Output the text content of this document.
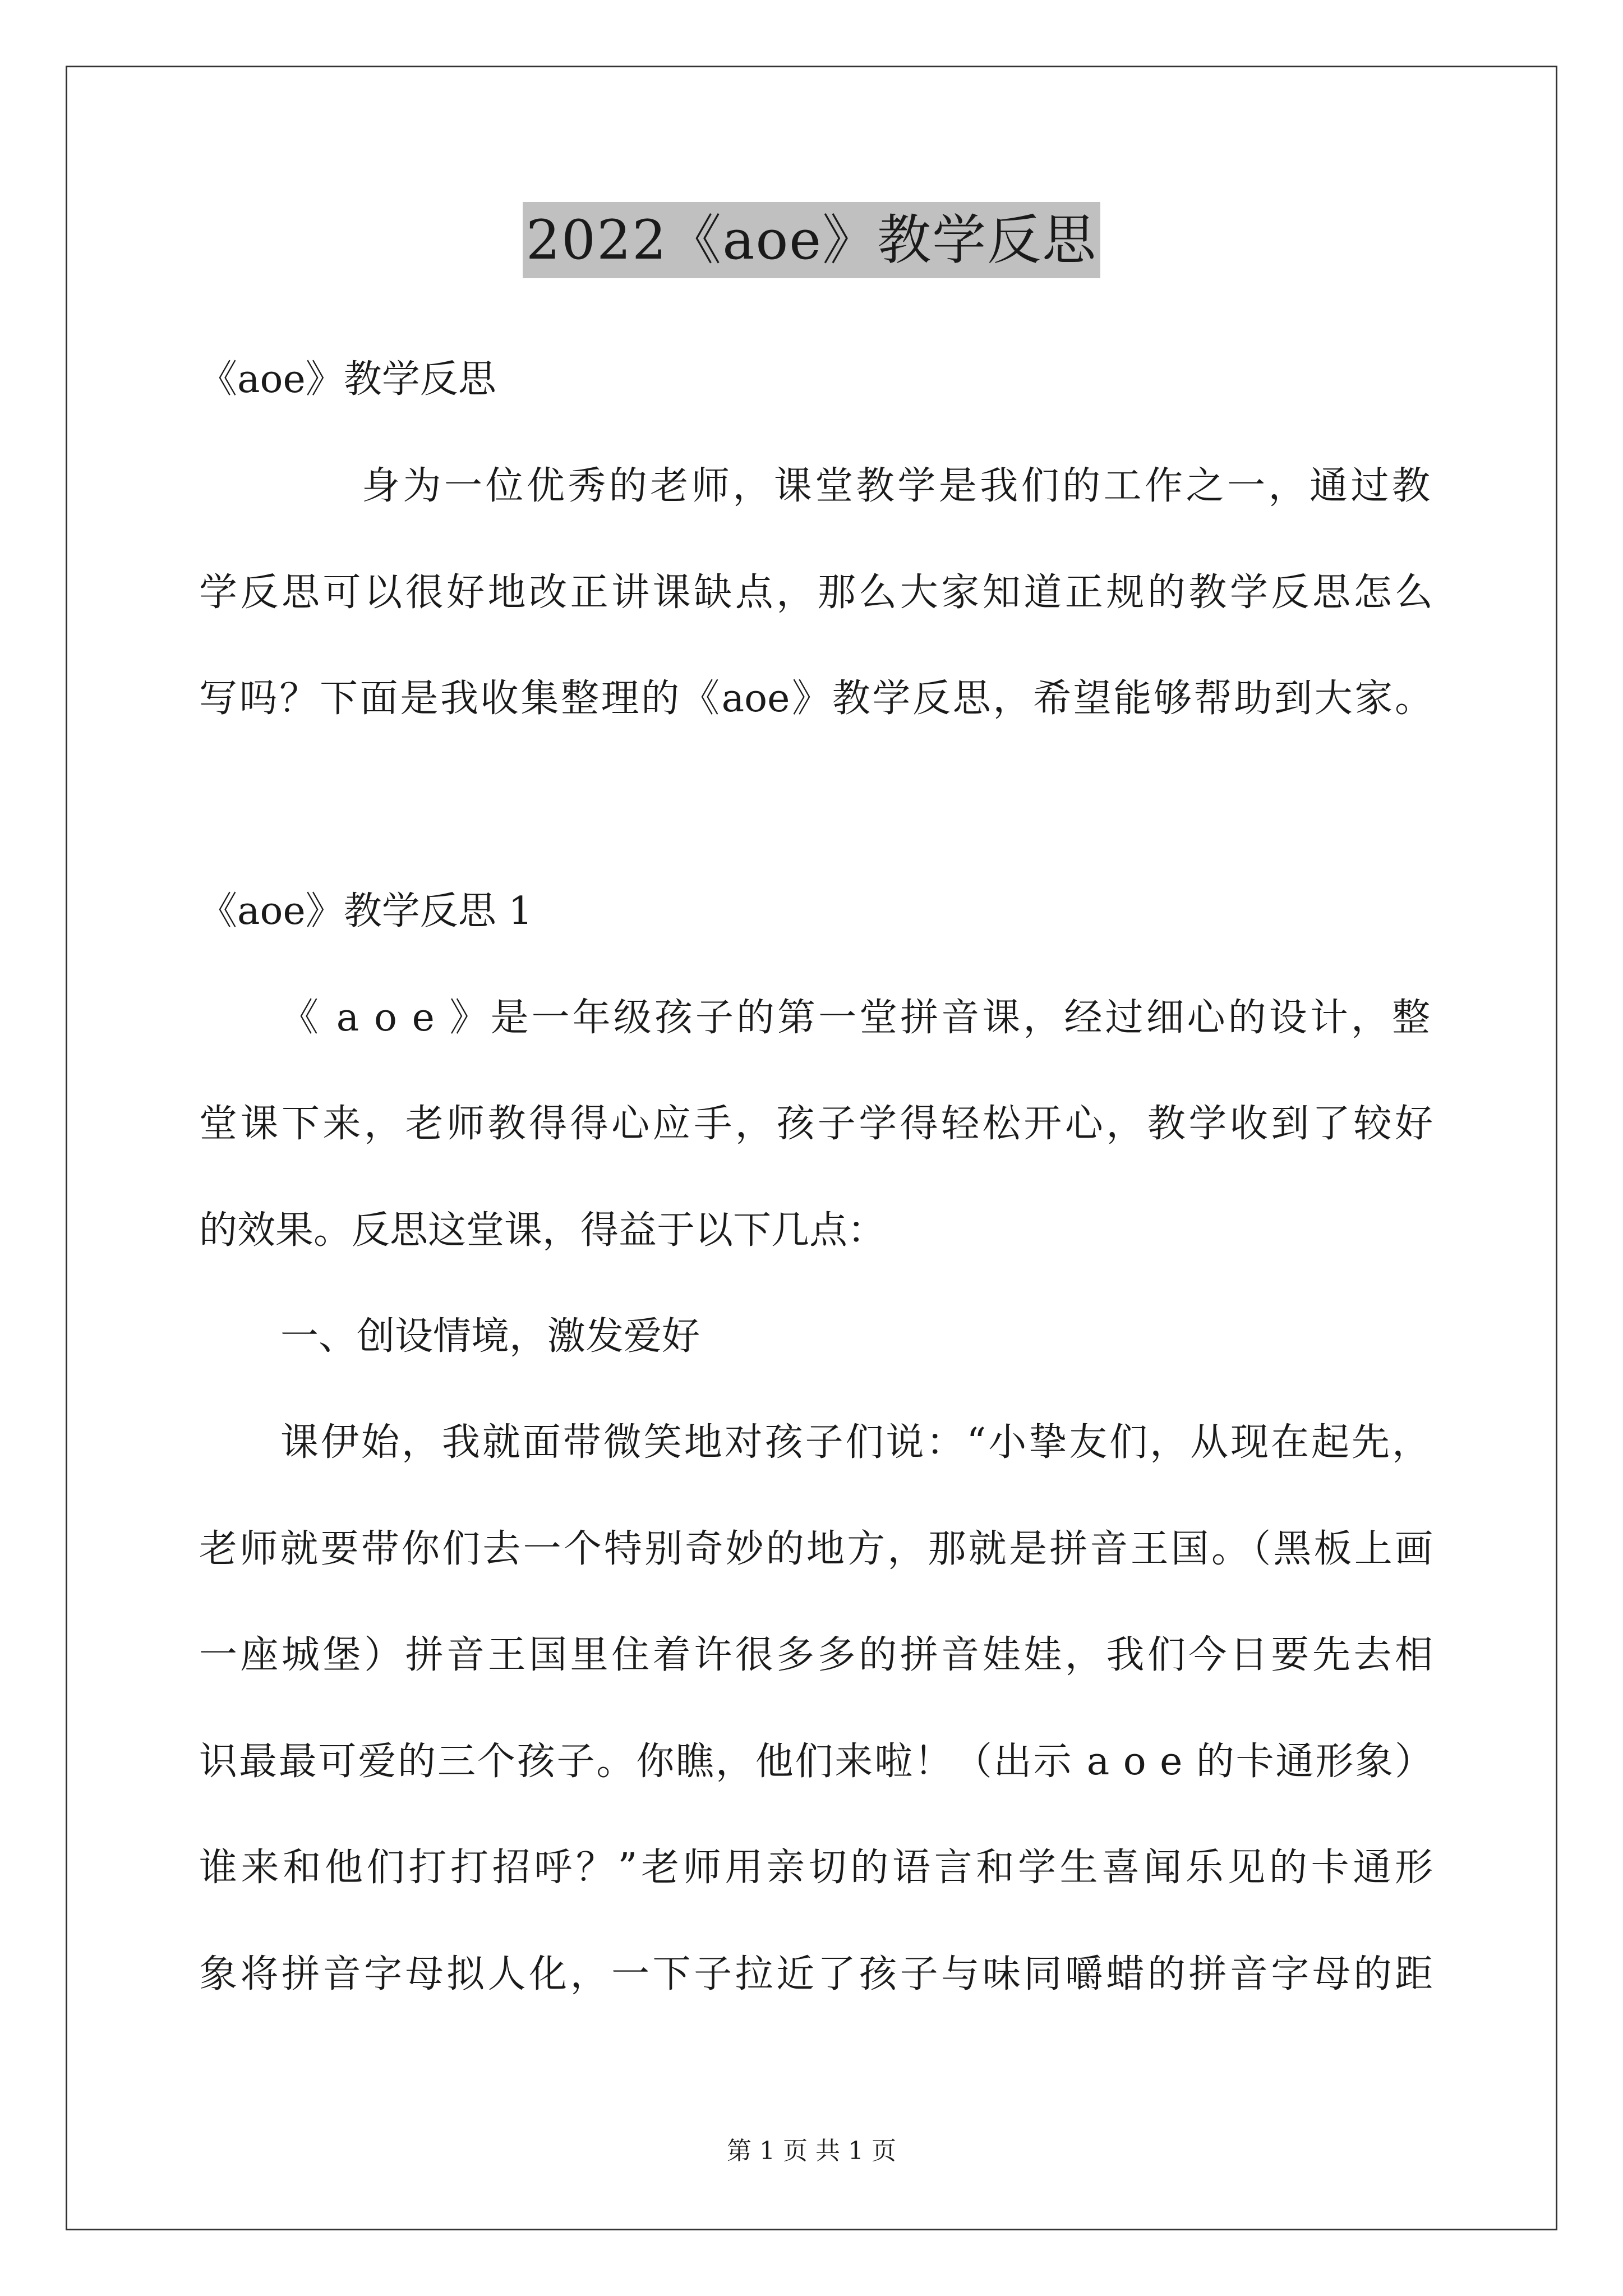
2022《aoe》教学反思
《aoe》教学反思
身为一位优秀的老师，课堂教学是我们的工作之一，通过教
学反思可以很好地改正讲课缺点，那么大家知道正规的教学反思怎么
写吗？下面是我收集整理的《aoe》教学反思，希望能够帮助到大家。
《aoe》教学反思 1
《 a o e 》是一年级孩子的第一堂拼音课，经过细心的设计，整
堂课下来，老师教得得心应手，孩子学得轻松开心，教学收到了较好
的效果。反思这堂课，得益于以下几点：
一、创设情境，激发爱好
课伊始，我就面带微笑地对孩子们说：“小挚友们，从现在起先，
老师就要带你们去一个特别奇妙的地方，那就是拼音王国。（黑板上画
一座城堡）拼音王国里住着许很多多的拼音娃娃，我们今日要先去相
识最最可爱的三个孩子。你瞧，他们来啦！（出示 a o e 的卡通形象）
谁来和他们打打招呼？”老师用亲切的语言和学生喜闻乐见的卡通形
象将拼音字母拟人化，一下子拉近了孩子与味同嚼蜡的拼音字母的距
第 1 页 共 1 页
